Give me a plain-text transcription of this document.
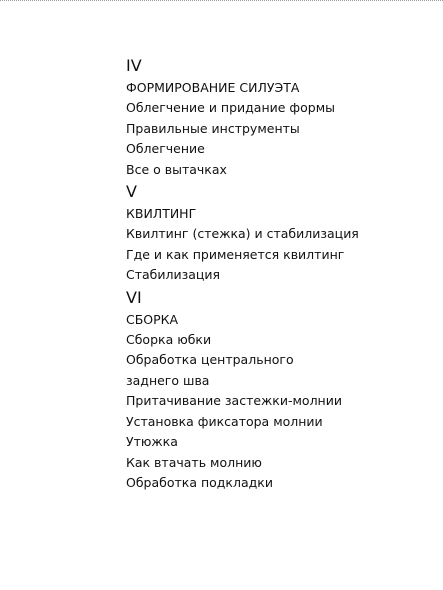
IV
ФОРМИРОВАНИЕ СИЛУЭТА
Облегчение и придание формы
Правильные инструменты
Облегчение
Все о вытачках
V
КВИЛТИНГ
Квилтинг (стежка) и стабилизация
Где и как применяется квилтинг
Стабилизация
VI
СБОРКА
Сборка юбки
Обработка центрального заднего шва
Притачивание застежки-молнии
Установка фиксатора молнии
Утюжка
Как втачать молнию
Обработка подкладки
